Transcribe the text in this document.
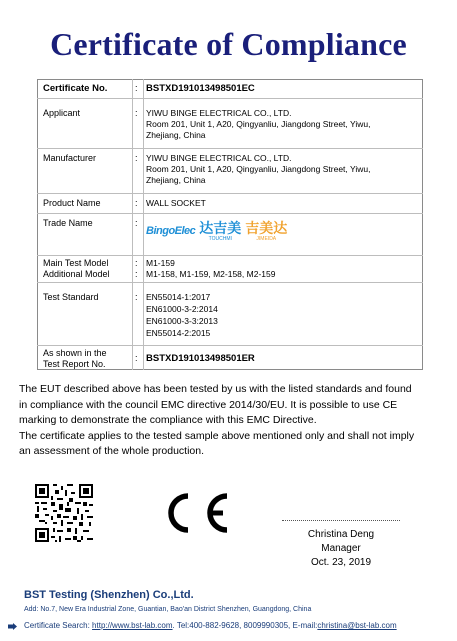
Certificate of Compliance
Certificate No.	: BSTXD191013498501EC
Applicant	: YIWU BINGE ELECTRICAL CO., LTD.
Room 201, Unit 1, A20, Qingyanliu, Jiangdong Street, Yiwu,
Zhejiang, China
Manufacturer	: YIWU BINGE ELECTRICAL CO., LTD.
Room 201, Unit 1, A20, Qingyanliu, Jiangdong Street, Yiwu,
Zhejiang, China
Product Name	: WALL SOCKET
Trade Name	:
BingoElec 达吉美
TOUCHMI
吉美达
JIMEIDA
Main Test Model	: M1-159
Additional Model	: M1-158, M1-159, M2-158, M2-159
Test Standard	: EN55014-1:2017
EN61000-3-2:2014
EN61000-3-3:2013
EN55014-2:2015
As shown in the
Test Report No.
: BSTXD191013498501ER
The EUT described above has been tested by us with the listed standards and found
in compliance with the council EMC directive 2014/30/EU. It is possible to use CE
marking to demonstrate the compliance with this EMC Directive.
The certificate applies to the tested sample above mentioned only and shall not imply
an assessment of the whole production.
Christina Deng
Manager
Oct. 23, 2019
BST Testing (Shenzhen) Co.,Ltd.
Add: No.7, New Era Industrial Zone, Guantian, Bao'an District Shenzhen, Guangdong, China
Certificate Search: http://www.bst-lab.com. Tel:400-882-9628, 8009990305, E-mail:christina@bst-lab.com
